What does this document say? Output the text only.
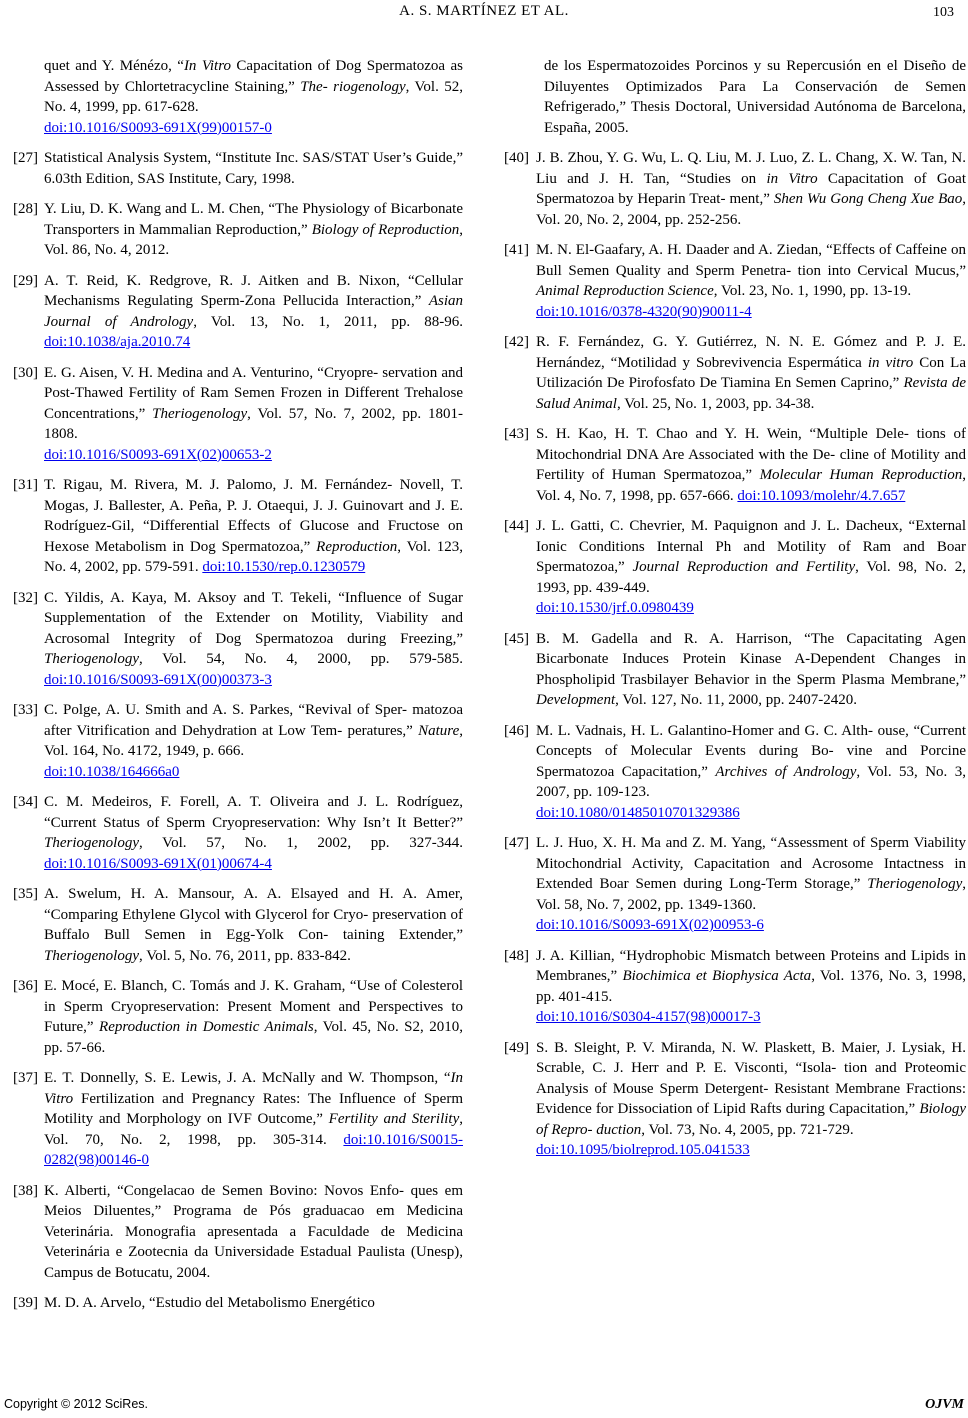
A. S. MARTÍNEZ ET AL.	103
quet and Y. Ménézo, “In Vitro Capacitation of Dog Spermatozoa as Assessed by Chlortetracycline Staining,” The- riogenology, Vol. 52, No. 4, 1999, pp. 617-628.
doi:10.1016/S0093-691X(99)00157-0
[27] Statistical Analysis System, “Institute Inc. SAS/STAT User’s Guide,” 6.03th Edition, SAS Institute, Cary, 1998.
[28] Y. Liu, D. K. Wang and L. M. Chen, “The Physiology of Bicarbonate Transporters in Mammalian Reproduction,” Biology of Reproduction, Vol. 86, No. 4, 2012.
[29] A. T. Reid, K. Redgrove, R. J. Aitken and B. Nixon, “Cellular Mechanisms Regulating Sperm-Zona Pellucida Interaction,” Asian Journal of Andrology, Vol. 13, No. 1, 2011, pp. 88-96. doi:10.1038/aja.2010.74
[30] E. G. Aisen, V. H. Medina and A. Venturino, “Cryopre- servation and Post-Thawed Fertility of Ram Semen Frozen in Different Trehalose Concentrations,” Theriogenology, Vol. 57, No. 7, 2002, pp. 1801-1808.
doi:10.1016/S0093-691X(02)00653-2
[31] T. Rigau, M. Rivera, M. J. Palomo, J. M. Fernández- Novell, T. Mogas, J. Ballester, A. Peña, P. J. Otaequi, J. J. Guinovart and J. E. Rodríguez-Gil, “Differential Effects of Glucose and Fructose on Hexose Metabolism in Dog Spermatozoa,” Reproduction, Vol. 123, No. 4, 2002, pp. 579-591. doi:10.1530/rep.0.1230579
[32] C. Yildis, A. Kaya, M. Aksoy and T. Tekeli, “Influence of Sugar Supplementation of the Extender on Motility, Viability and Acrosomal Integrity of Dog Spermatozoa during Freezing,” Theriogenology, Vol. 54, No. 4, 2000, pp. 579-585. doi:10.1016/S0093-691X(00)00373-3
[33] C. Polge, A. U. Smith and A. S. Parkes, “Revival of Sper- matozoa after Vitrification and Dehydration at Low Tem- peratures,” Nature, Vol. 164, No. 4172, 1949, p. 666.
doi:10.1038/164666a0
[34] C. M. Medeiros, F. Forell, A. T. Oliveira and J. L. Rodríguez, “Current Status of Sperm Cryopreservation: Why Isn’t It Better?” Theriogenology, Vol. 57, No. 1, 2002, pp. 327-344. doi:10.1016/S0093-691X(01)00674-4
[35] A. Swelum, H. A. Mansour, A. A. Elsayed and H. A. Amer, “Comparing Ethylene Glycol with Glycerol for Cryo- preservation of Buffalo Bull Semen in Egg-Yolk Con- taining Extender,” Theriogenology, Vol. 5, No. 76, 2011, pp. 833-842.
[36] E. Mocé, E. Blanch, C. Tomás and J. K. Graham, “Use of Colesterol in Sperm Cryopreservation: Present Moment and Perspectives to Future,” Reproduction in Domestic Animals, Vol. 45, No. S2, 2010, pp. 57-66.
[37] E. T. Donnelly, S. E. Lewis, J. A. McNally and W. Thompson, “In Vitro Fertilization and Pregnancy Rates: The Influence of Sperm Motility and Morphology on IVF Outcome,” Fertility and Sterility, Vol. 70, No. 2, 1998, pp. 305-314. doi:10.1016/S0015-0282(98)00146-0
[38] K. Alberti, “Congelacao de Semen Bovino: Novos Enfo- ques em Meios Diluentes,” Programa de Pós graduacao em Medicina Veterinária. Monografia apresentada a Faculdade de Medicina Veterinária e Zootecnia da Universidade Estadual Paulista (Unesp), Campus de Botucatu, 2004.
[39] M. D. A. Arvelo, “Estudio del Metabolismo Energético
de los Espermatozoides Porcinos y su Repercusión en el Diseño de Diluyentes Optimizados Para La Conservación de Semen Refrigerado,” Thesis Doctoral, Universidad Autónoma de Barcelona, España, 2005.
[40] J. B. Zhou, Y. G. Wu, L. Q. Liu, M. J. Luo, Z. L. Chang, X. W. Tan, N. Liu and J. H. Tan, “Studies on in Vitro Capacitation of Goat Spermatozoa by Heparin Treat- ment,” Shen Wu Gong Cheng Xue Bao, Vol. 20, No. 2, 2004, pp. 252-256.
[41] M. N. El-Gaafary, A. H. Daader and A. Ziedan, “Effects of Caffeine on Bull Semen Quality and Sperm Penetra- tion into Cervical Mucus,” Animal Reproduction Science, Vol. 23, No. 1, 1990, pp. 13-19.
doi:10.1016/0378-4320(90)90011-4
[42] R. F. Fernández, G. Y. Gutiérrez, N. N. E. Gómez and P. J. E. Hernández, “Motilidad y Sobrevivencia Espermática in vitro Con La Utilización De Pirofosfato De Tiamina En Semen Caprino,” Revista de Salud Animal, Vol. 25, No. 1, 2003, pp. 34-38.
[43] S. H. Kao, H. T. Chao and Y. H. Wein, “Multiple Dele- tions of Mitochondrial DNA Are Associated with the De- cline of Motility and Fertility of Human Spermatozoa,” Molecular Human Reproduction, Vol. 4, No. 7, 1998, pp. 657-666. doi:10.1093/molehr/4.7.657
[44] J. L. Gatti, C. Chevrier, M. Paquignon and J. L. Dacheux, “External Ionic Conditions Internal Ph and Motility of Ram and Boar Spermatozoa,” Journal Reproduction and Fertility, Vol. 98, No. 2, 1993, pp. 439-449.
doi:10.1530/jrf.0.0980439
[45] B. M. Gadella and R. A. Harrison, “The Capacitating Agen Bicarbonate Induces Protein Kinase A-Dependent Changes in Phospholipid Trasbilayer Behavior in the Sperm Plasma Membrane,” Development, Vol. 127, No. 11, 2000, pp. 2407-2420.
[46] M. L. Vadnais, H. L. Galantino-Homer and G. C. Alth- ouse, “Current Concepts of Molecular Events during Bo- vine and Porcine Spermatozoa Capacitation,” Archives of Andrology, Vol. 53, No. 3, 2007, pp. 109-123.
doi:10.1080/01485010701329386
[47] L. J. Huo, X. H. Ma and Z. M. Yang, “Assessment of Sperm Viability Mitochondrial Activity, Capacitation and Acrosome Intactness in Extended Boar Semen during Long-Term Storage,” Theriogenology, Vol. 58, No. 7, 2002, pp. 1349-1360.
doi:10.1016/S0093-691X(02)00953-6
[48] J. A. Killian, “Hydrophobic Mismatch between Proteins and Lipids in Membranes,” Biochimica et Biophysica Acta, Vol. 1376, No. 3, 1998, pp. 401-415.
doi:10.1016/S0304-4157(98)00017-3
[49] S. B. Sleight, P. V. Miranda, N. W. Plaskett, B. Maier, J. Lysiak, H. Scrable, C. J. Herr and P. E. Visconti, “Isola- tion and Proteomic Analysis of Mouse Sperm Detergent- Resistant Membrane Fractions: Evidence for Dissociation of Lipid Rafts during Capacitation,” Biology of Repro- duction, Vol. 73, No. 4, 2005, pp. 721-729.
doi:10.1095/biolreprod.105.041533
Copyright © 2012 SciRes.	OJVM
